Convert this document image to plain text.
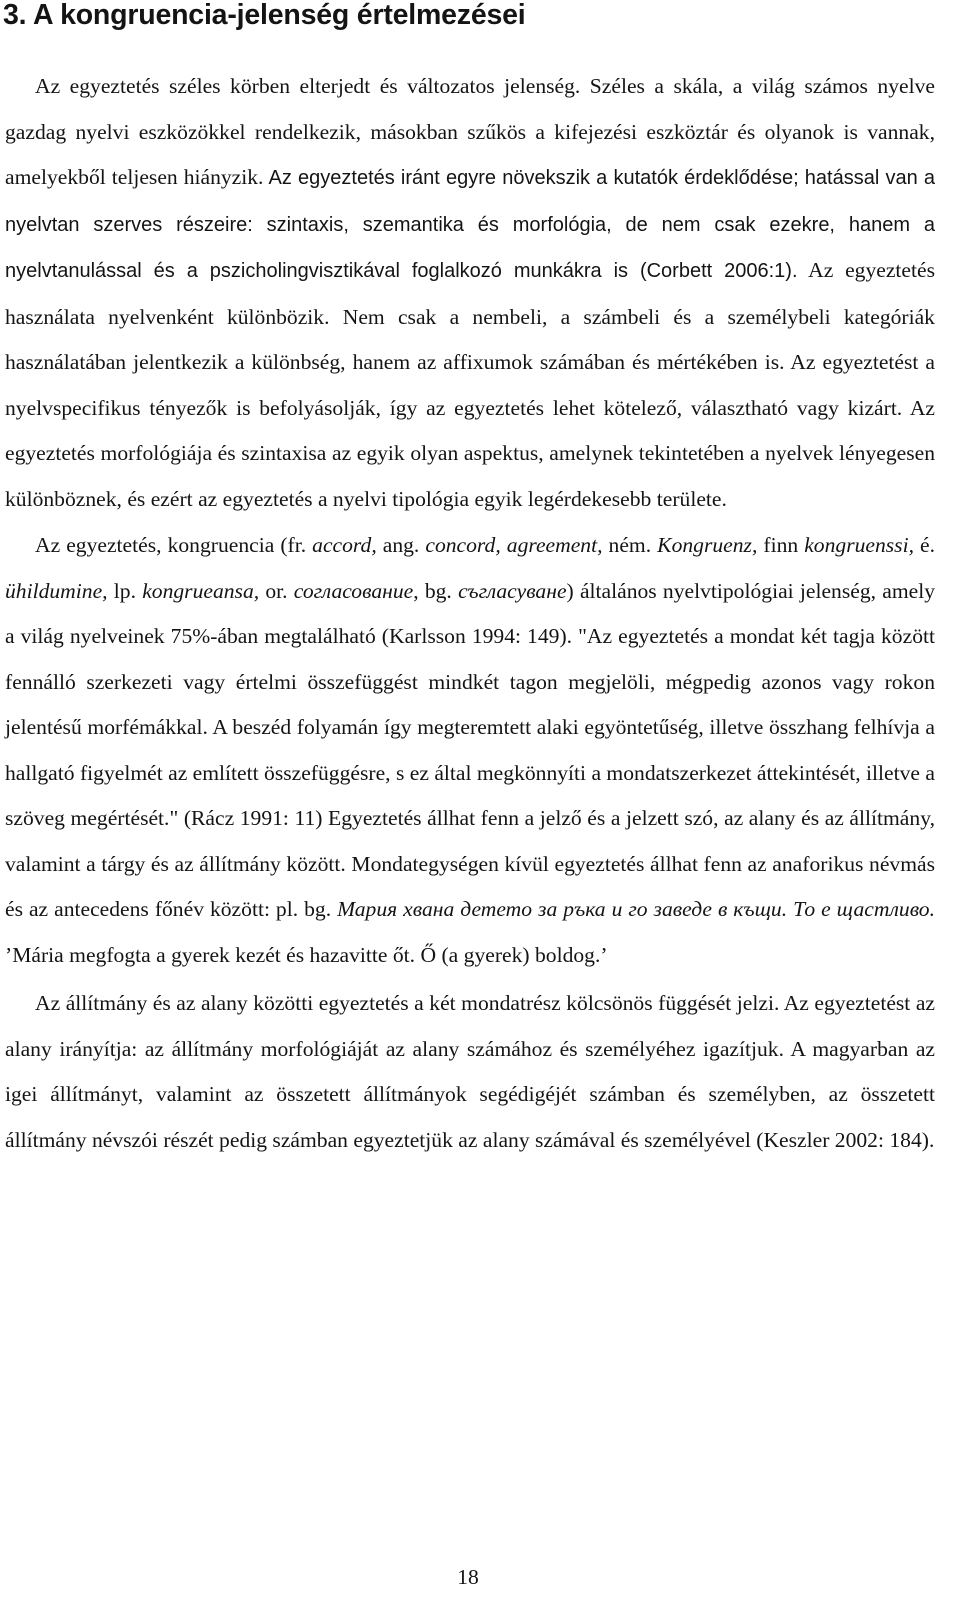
3. A kongruencia-jelenség értelmezései

Az egyeztetés széles körben elterjedt és változatos jelenség. Széles a skála, a világ számos nyelve gazdag nyelvi eszközökkel rendelkezik, másokban szűkös a kifejezési eszköztár és olyanok is vannak, amelyekből teljesen hiányzik. Az egyeztetés iránt egyre növekszik a kutatók érdeklődése; hatással van a nyelvtan szerves részeire: szintaxis, szemantika és morfológia, de nem csak ezekre, hanem a nyelvtanulással és a pszicholingvisztikával foglalkozó munkákra is (Corbett 2006:1). Az egyeztetés használata nyelvenként különbözik. Nem csak a nembeli, a számbeli és a személybeli kategóriák használatában jelentkezik a különbség, hanem az affixumok számában és mértékében is. Az egyeztetést a nyelvspecifikus tényezők is befolyásolják, így az egyeztetés lehet kötelező, választható vagy kizárt. Az egyeztetés morfológiája és szintaxisa az egyik olyan aspektus, amelynek tekintetében a nyelvek lényegesen különböznek, és ezért az egyeztetés a nyelvi tipológia egyik legérdekesebb területe.

Az egyeztetés, kongruencia (fr. accord, ang. concord, agreement, ném. Kongruenz, finn kongruenssi, é. ühildumine, lp. kongrueansa, or. согласование, bg. съгласуване) általános nyelvtipológiai jelenség, amely a világ nyelveinek 75%-ában megtalálható (Karlsson 1994: 149). "Az egyeztetés a mondat két tagja között fennálló szerkezeti vagy értelmi összefüggést mindkét tagon megjelöli, mégpedig azonos vagy rokon jelentésű morfémákkal. A beszéd folyamán így megteremtett alaki egyöntetűség, illetve összhang felhívja a hallgató figyelmét az említett összefüggésre, s ez által megkönnyíti a mondatszerkezet áttekintését, illetve a szöveg megértését." (Rácz 1991: 11) Egyeztetés állhat fenn a jelző és a jelzett szó, az alany és az állítmány, valamint a tárgy és az állítmány között. Mondategységen kívül egyeztetés állhat fenn az anaforikus névmás és az antecedens főnév között: pl. bg. Мария хвана детето за ръка и го заведе в къщи. То е щастливо. ’Mária megfogta a gyerek kezét és hazavitte őt. Ő (a gyerek) boldog.’

Az állítmány és az alany közötti egyeztetés a két mondatrész kölcsönös függését jelzi. Az egyeztetést az alany irányítja: az állítmány morfológiáját az alany számához és személyéhez igazítjuk. A magyarban az igei állítmányt, valamint az összetett állítmányok segédigéjét számban és személyben, az összetett állítmány névszói részét pedig számban egyeztetjük az alany számával és személyével (Keszler 2002: 184).

18
